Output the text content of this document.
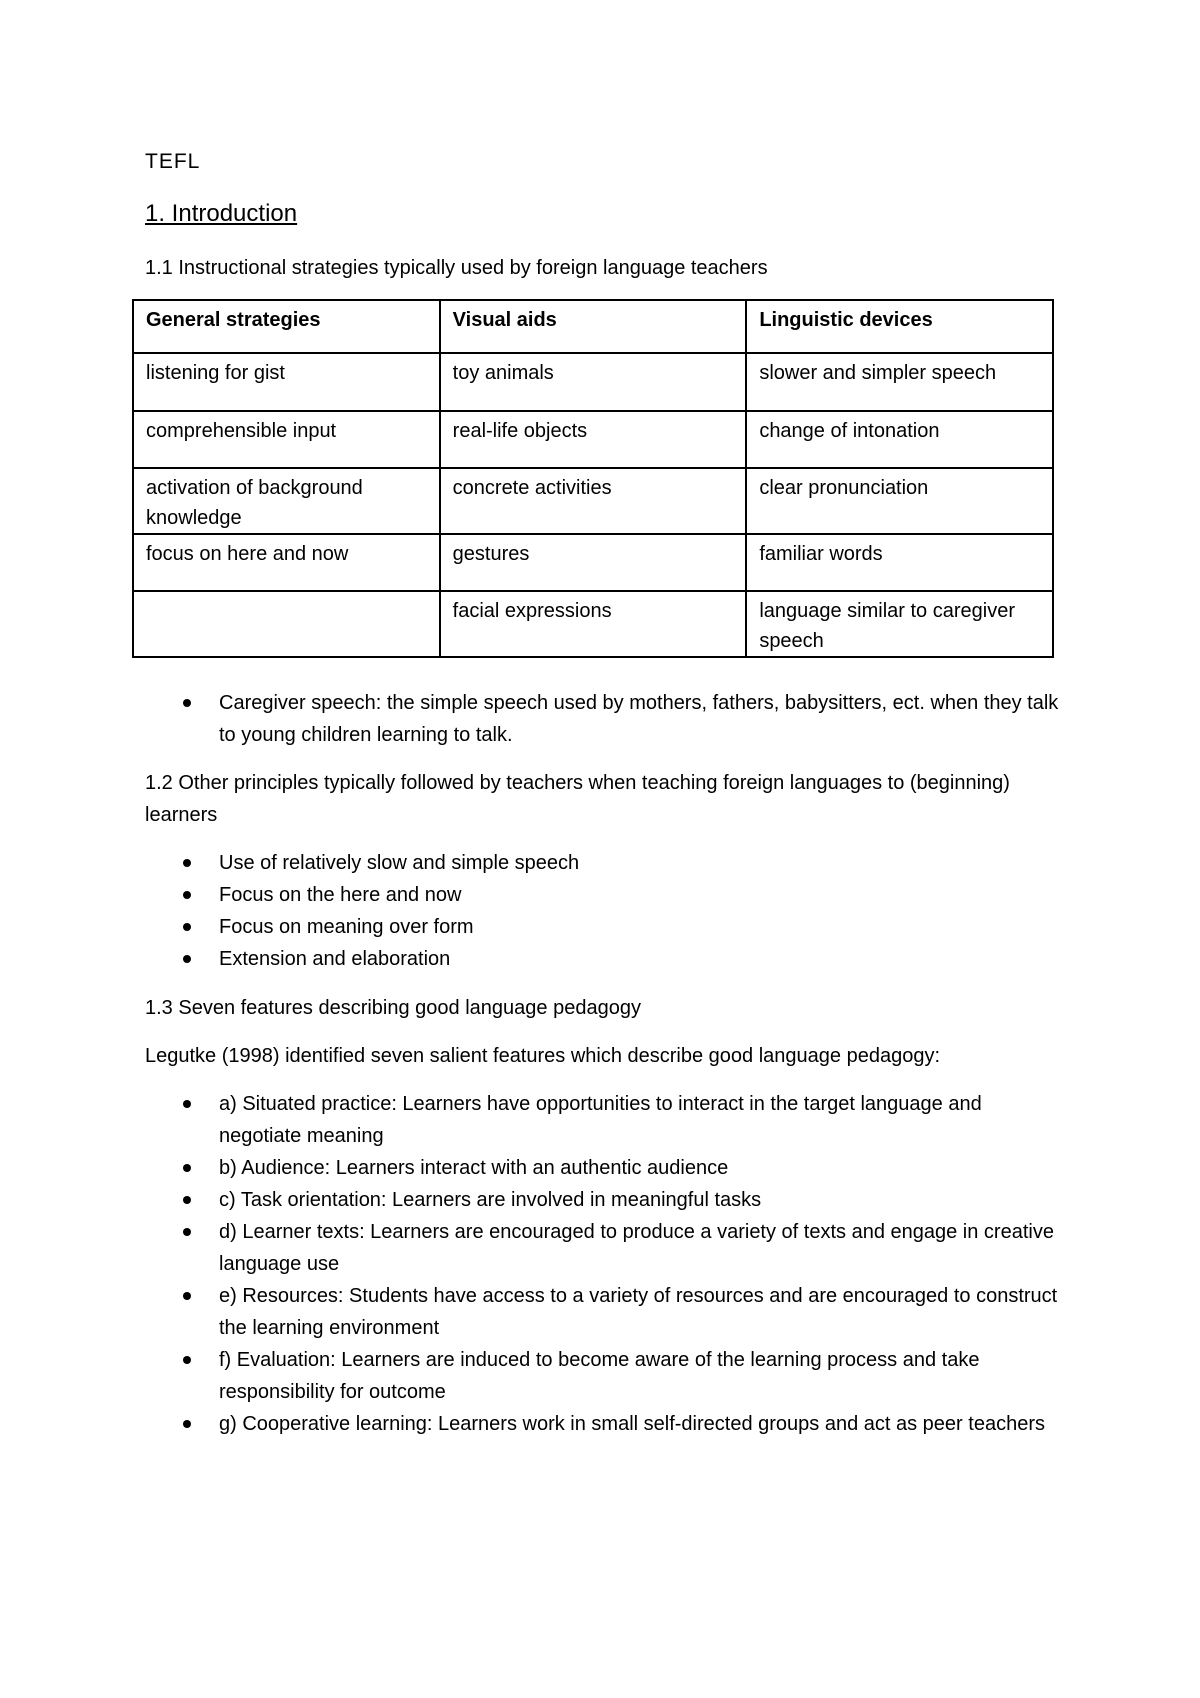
TEFL
1. Introduction
1.1 Instructional strategies typically used by foreign language teachers
General strategies	Visual aids	Linguistic devices
listening for gist	toy animals	slower and simpler speech
comprehensible input	real-life objects	change of intonation
activation of background knowledge	concrete activities	clear pronunciation
focus on here and now	gestures	familiar words
	facial expressions	language similar to caregiver speech
Caregiver speech: the simple speech used by mothers, fathers, babysitters, ect. when they talk to young children learning to talk.
1.2 Other principles typically followed by teachers when teaching foreign languages to (beginning) learners
Use of relatively slow and simple speech
Focus on the here and now
Focus on meaning over form
Extension and elaboration
1.3 Seven features describing good language pedagogy
Legutke (1998) identified seven salient features which describe good language pedagogy:
a) Situated practice: Learners have opportunities to interact in the target language and negotiate meaning
b) Audience: Learners interact with an authentic audience
c) Task orientation: Learners are involved in meaningful tasks
d) Learner texts: Learners are encouraged to produce a variety of texts and engage in creative language use
e) Resources: Students have access to a variety of resources and are encouraged to construct the learning environment
f) Evaluation: Learners are induced to become aware of the learning process and take responsibility for outcome
g) Cooperative learning: Learners work in small self-directed groups and act as peer teachers
